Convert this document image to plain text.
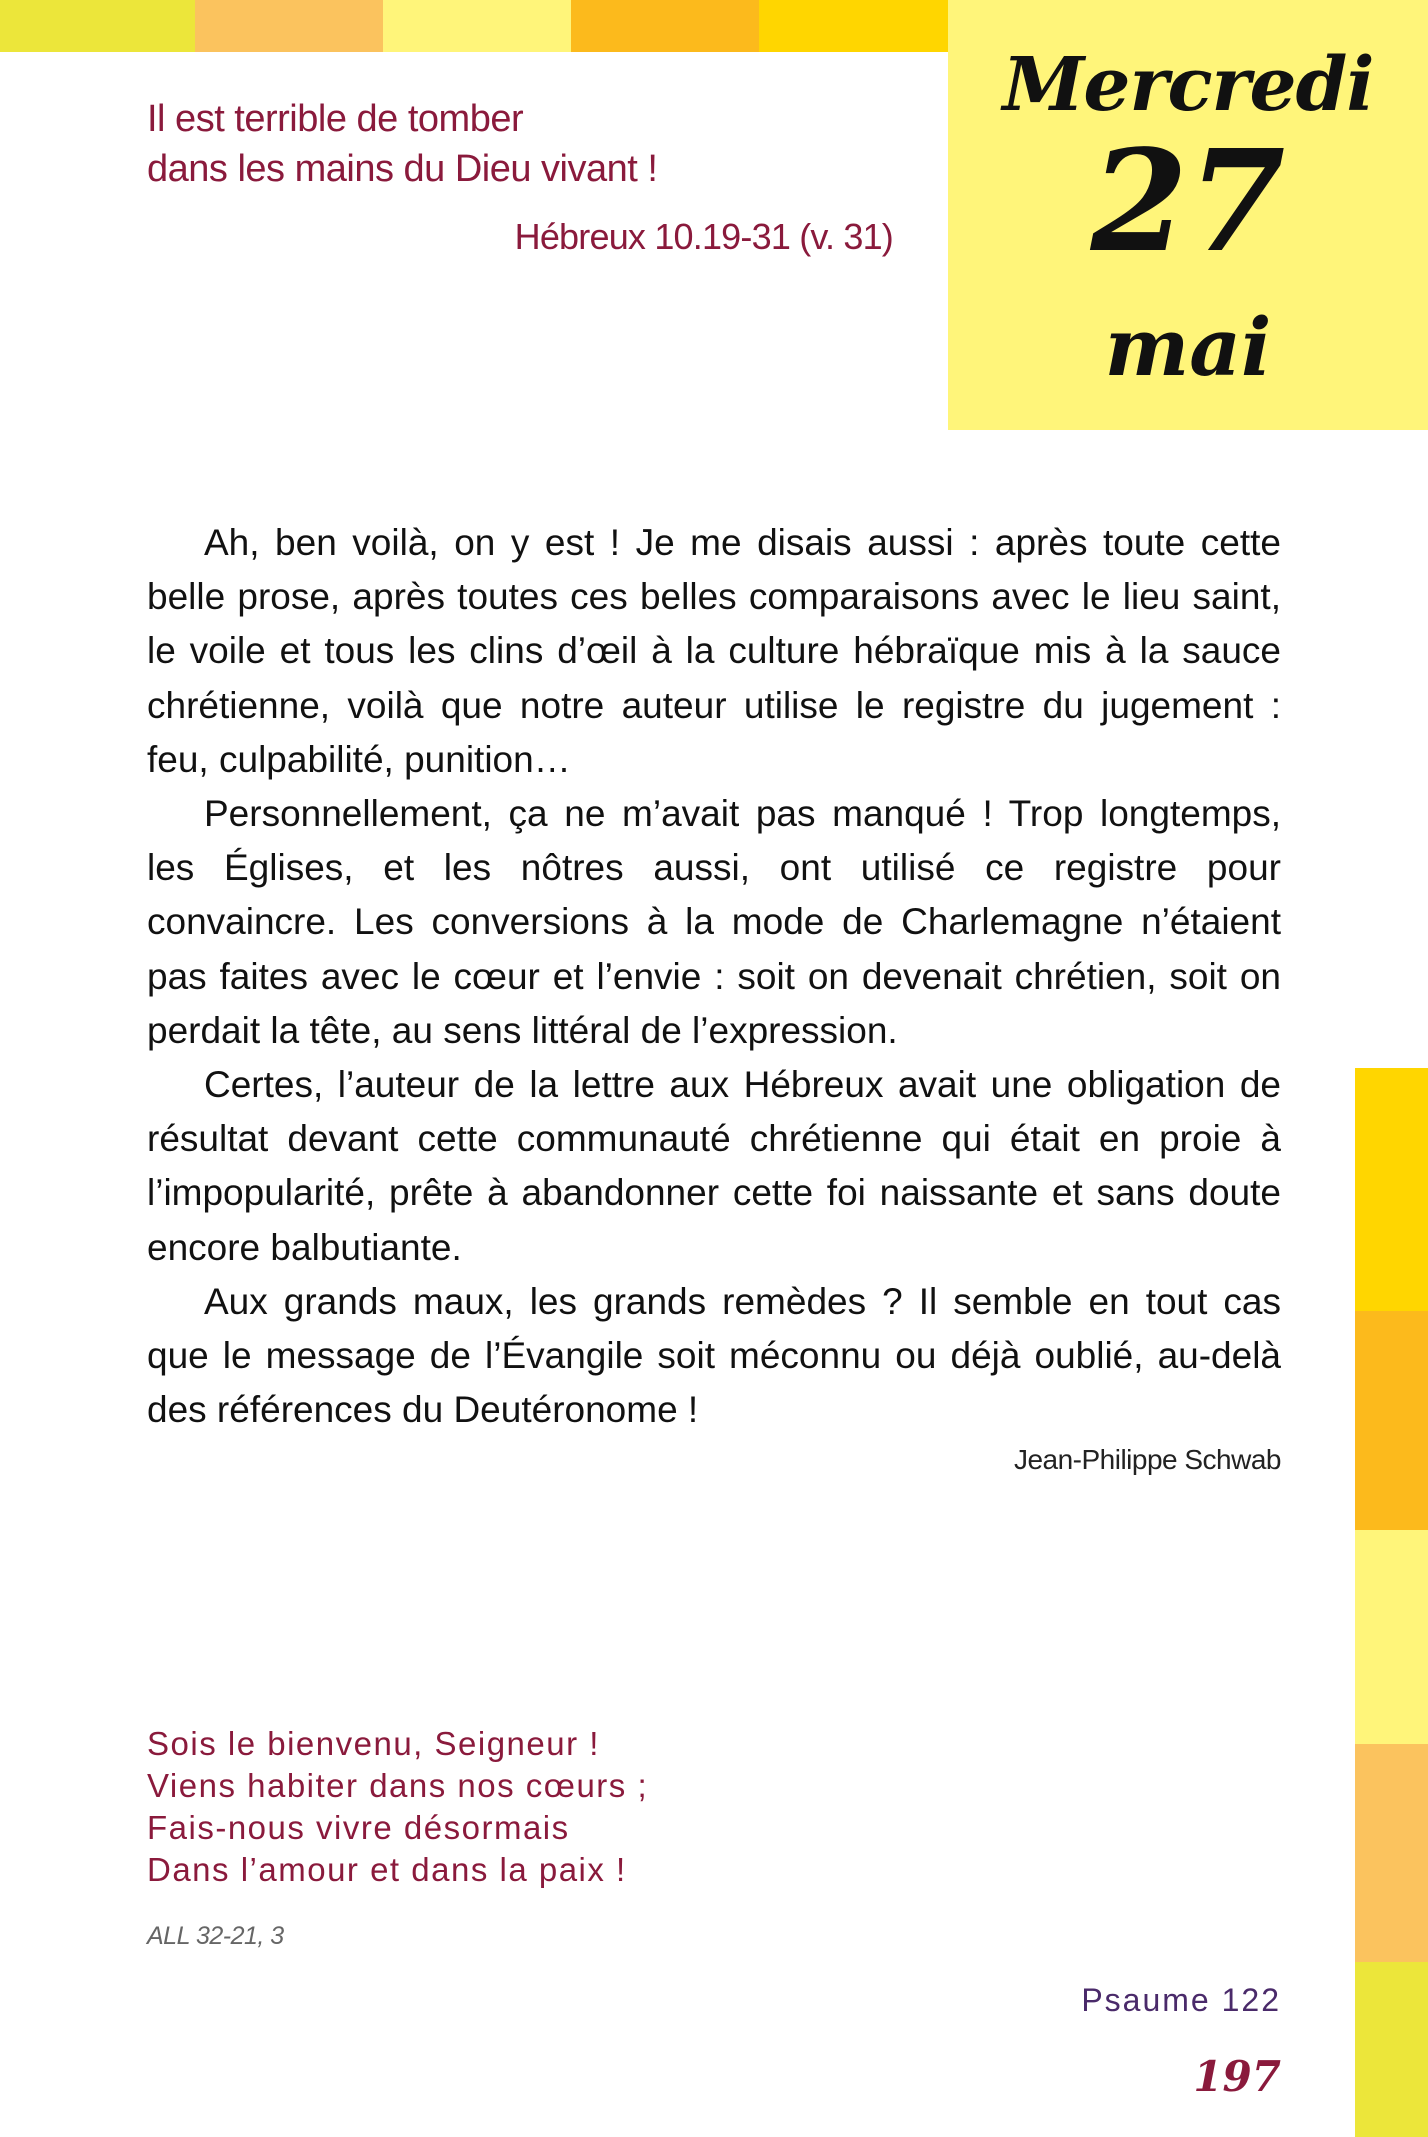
Mercredi
27
mai
Il est terrible de tomber
dans les mains du Dieu vivant !
Hébreux 10.19-31 (v. 31)

Ah, ben voilà, on y est ! Je me disais aussi : après toute cette belle prose, après toutes ces belles comparaisons avec le lieu saint, le voile et tous les clins d’œil à la culture hébraïque mis à la sauce chrétienne, voilà que notre auteur utilise le registre du jugement : feu, culpabilité, punition…

Personnellement, ça ne m’avait pas manqué ! Trop longtemps, les Églises, et les nôtres aussi, ont utilisé ce registre pour convaincre. Les conversions à la mode de Charlemagne n’étaient pas faites avec le cœur et l’envie : soit on devenait chrétien, soit on perdait la tête, au sens littéral de l’expression.

Certes, l’auteur de la lettre aux Hébreux avait une obligation de résultat devant cette communauté chrétienne qui était en proie à l’impopularité, prête à abandonner cette foi naissante et sans doute encore balbutiante.

Aux grands maux, les grands remèdes ? Il semble en tout cas que le message de l’Évangile soit méconnu ou déjà oublié, au-delà des références du Deutéronome !

Jean-Philippe Schwab
Sois le bienvenu, Seigneur !
Viens habiter dans nos cœurs ;
Fais-nous vivre désormais
Dans l’amour et dans la paix !
ALL 32-21, 3
Psaume 122
197
